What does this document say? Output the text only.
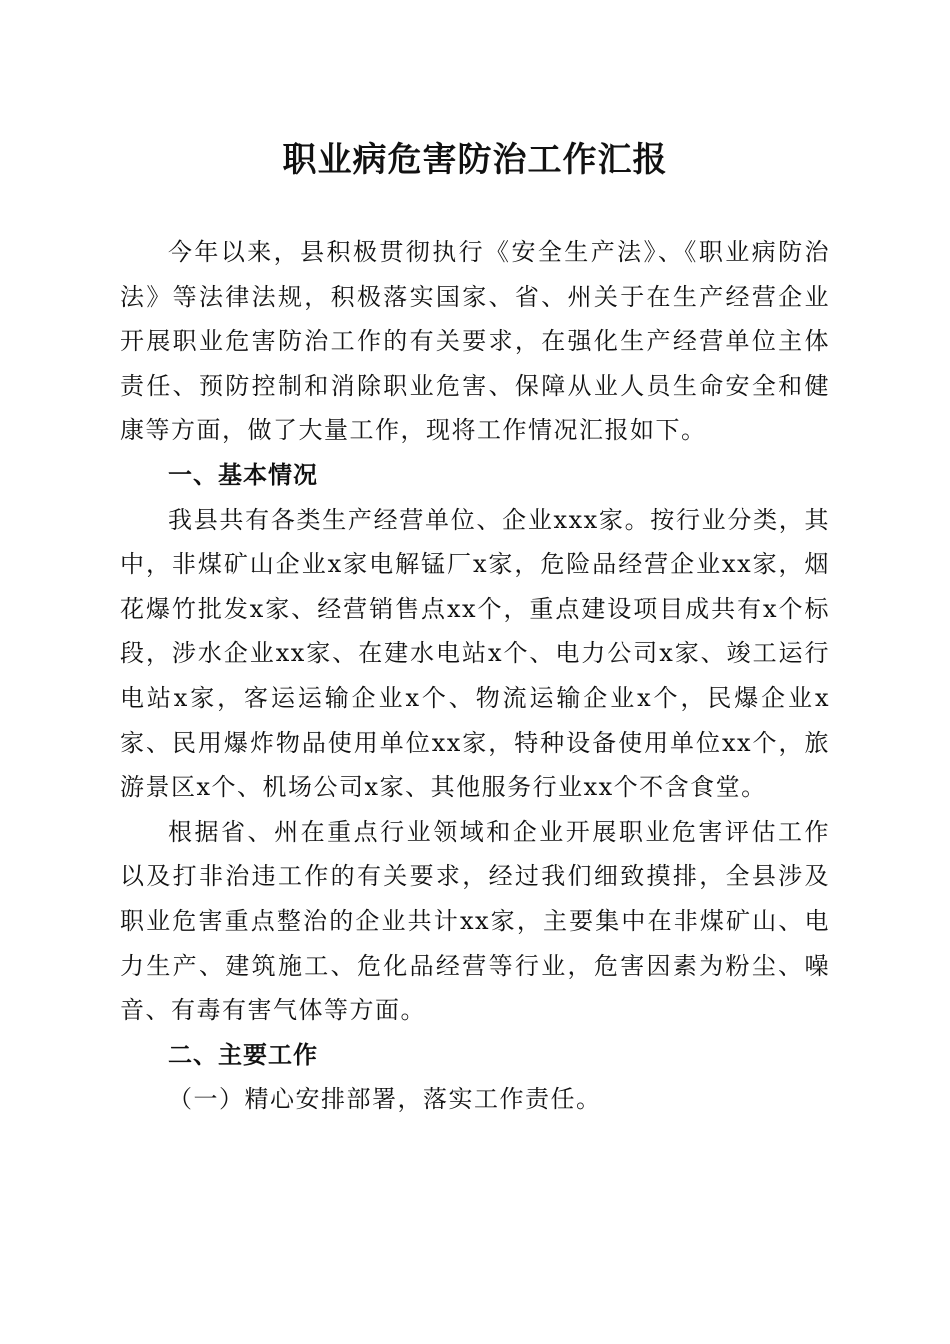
职业病危害防治工作汇报

今年以来，县积极贯彻执行《安全生产法》、《职业病防治法》等法律法规，积极落实国家、省、州关于在生产经营企业开展职业危害防治工作的有关要求，在强化生产经营单位主体责任、预防控制和消除职业危害、保障从业人员生命安全和健康等方面，做了大量工作，现将工作情况汇报如下。

一、基本情况

我县共有各类生产经营单位、企业xxx家。按行业分类，其中，非煤矿山企业x家电解锰厂x家，危险品经营企业xx家，烟花爆竹批发x家、经营销售点xx个，重点建设项目成共有x个标段，涉水企业xx家、在建水电站x个、电力公司x家、竣工运行电站x家，客运运输企业x个、物流运输企业x个，民爆企业x家、民用爆炸物品使用单位xx家，特种设备使用单位xx个，旅游景区x个、机场公司x家、其他服务行业xx个不含食堂。

根据省、州在重点行业领域和企业开展职业危害评估工作以及打非治违工作的有关要求，经过我们细致摸排，全县涉及职业危害重点整治的企业共计xx家，主要集中在非煤矿山、电力生产、建筑施工、危化品经营等行业，危害因素为粉尘、噪音、有毒有害气体等方面。

二、主要工作

（一）精心安排部署，落实工作责任。
